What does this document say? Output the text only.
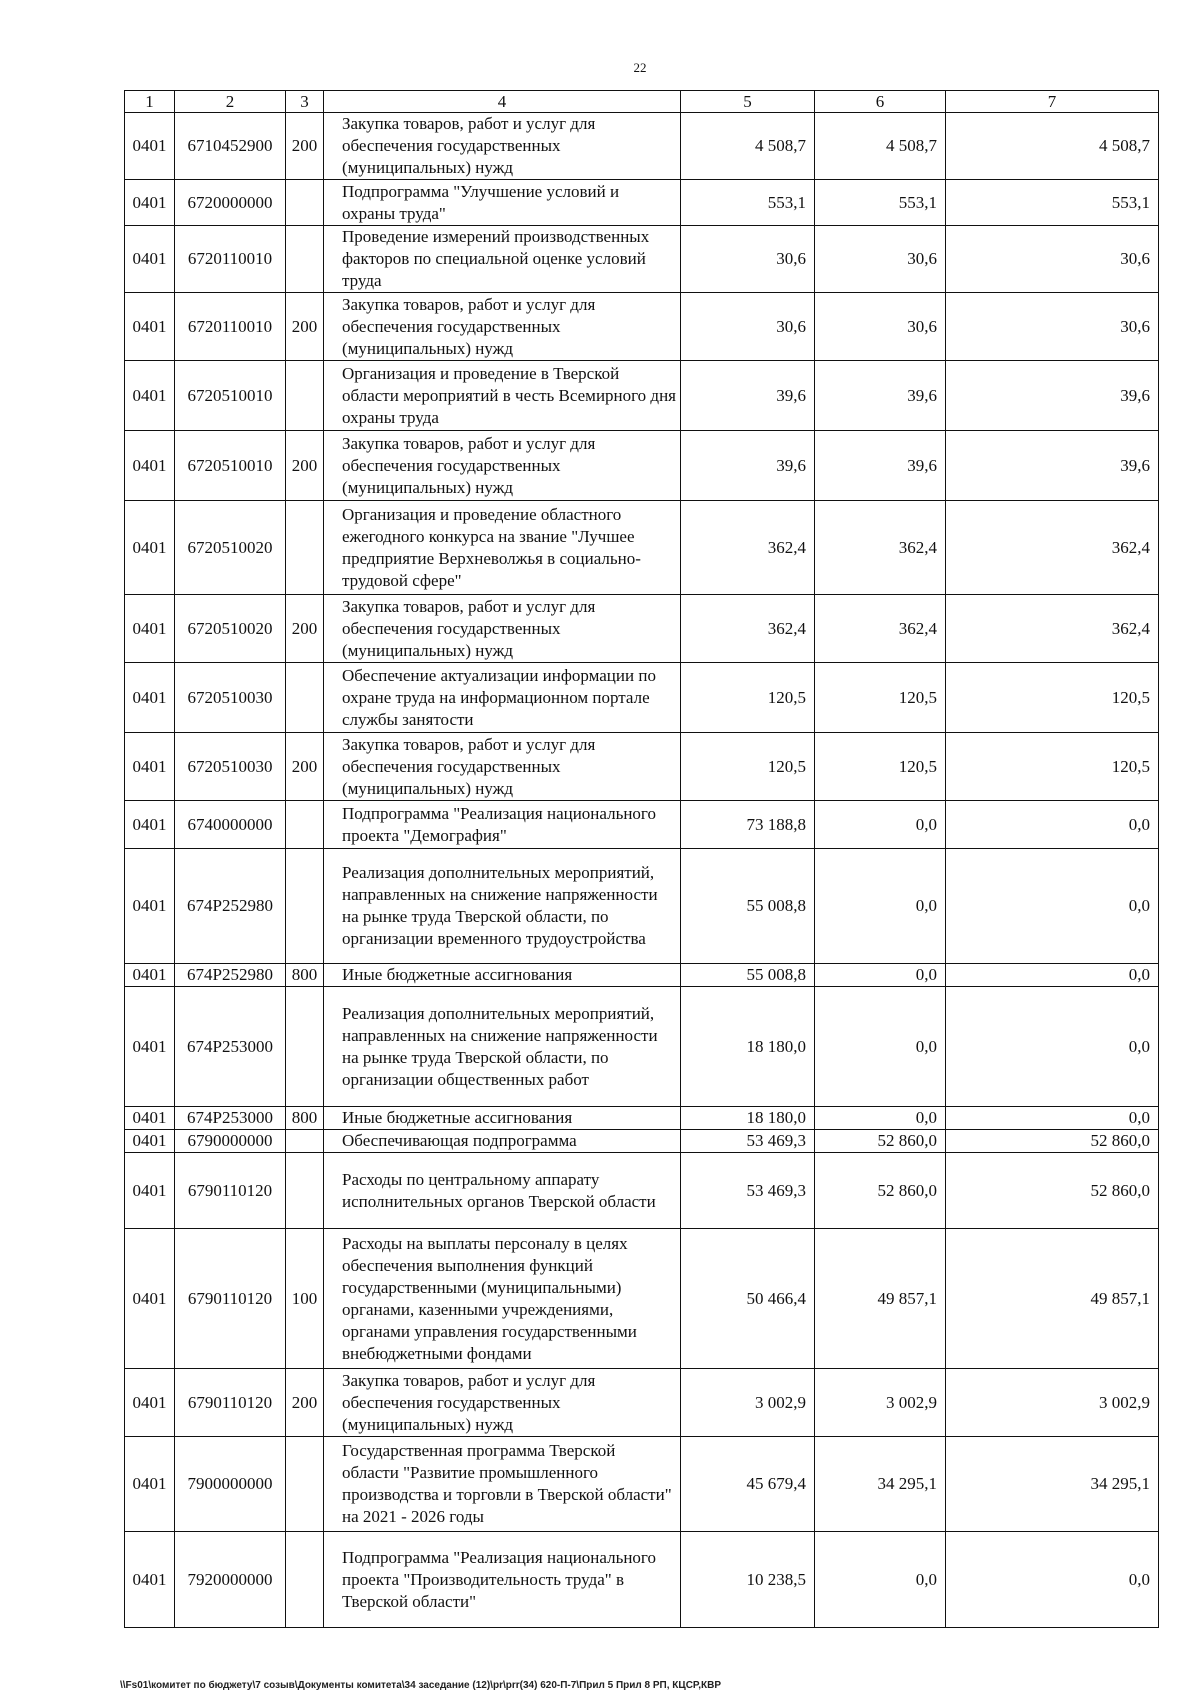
22
1	2	3	4	5	6	7
0401	6710452900	200	Закупка товаров, работ и услуг для обеспечения государственных (муниципальных) нужд	4 508,7	4 508,7	4 508,7
0401	6720000000		Подпрограмма "Улучшение условий и охраны труда"	553,1	553,1	553,1
0401	6720110010		Проведение измерений производственных факторов по специальной оценке условий труда	30,6	30,6	30,6
0401	6720110010	200	Закупка товаров, работ и услуг для обеспечения государственных (муниципальных) нужд	30,6	30,6	30,6
0401	6720510010		Организация и проведение в Тверской области мероприятий в честь Всемирного дня охраны труда	39,6	39,6	39,6
0401	6720510010	200	Закупка товаров, работ и услуг для обеспечения государственных (муниципальных) нужд	39,6	39,6	39,6
0401	6720510020		Организация и проведение областного ежегодного конкурса на звание "Лучшее предприятие Верхневолжья в социально-трудовой сфере"	362,4	362,4	362,4
0401	6720510020	200	Закупка товаров, работ и услуг для обеспечения государственных (муниципальных) нужд	362,4	362,4	362,4
0401	6720510030		Обеспечение актуализации информации по охране труда на информационном портале службы занятости	120,5	120,5	120,5
0401	6720510030	200	Закупка товаров, работ и услуг для обеспечения государственных (муниципальных) нужд	120,5	120,5	120,5
0401	6740000000		Подпрограмма "Реализация национального проекта "Демография"	73 188,8	0,0	0,0
0401	674P252980		Реализация дополнительных мероприятий, направленных на снижение напряженности на рынке труда Тверской области, по организации временного трудоустройства	55 008,8	0,0	0,0
0401	674P252980	800	Иные бюджетные ассигнования	55 008,8	0,0	0,0
0401	674P253000		Реализация дополнительных мероприятий, направленных на снижение напряженности на рынке труда Тверской области, по организации общественных работ	18 180,0	0,0	0,0
0401	674P253000	800	Иные бюджетные ассигнования	18 180,0	0,0	0,0
0401	6790000000		Обеспечивающая подпрограмма	53 469,3	52 860,0	52 860,0
0401	6790110120		Расходы по центральному аппарату исполнительных органов Тверской области	53 469,3	52 860,0	52 860,0
0401	6790110120	100	Расходы на выплаты персоналу в целях обеспечения выполнения функций государственными (муниципальными) органами, казенными учреждениями, органами управления государственными внебюджетными фондами	50 466,4	49 857,1	49 857,1
0401	6790110120	200	Закупка товаров, работ и услуг для обеспечения государственных (муниципальных) нужд	3 002,9	3 002,9	3 002,9
0401	7900000000		Государственная программа Тверской области "Развитие промышленного производства и торговли в Тверской области" на 2021 - 2026 годы	45 679,4	34 295,1	34 295,1
0401	7920000000		Подпрограмма "Реализация национального проекта "Производительность труда" в Тверской области"	10 238,5	0,0	0,0
\\Fs01\комитет по бюджету\7 созыв\Документы комитета\34 заседание (12)\pr\prr(34) 620-П-7\Прил 5 Прил 8 РП, КЦСР,КВР
